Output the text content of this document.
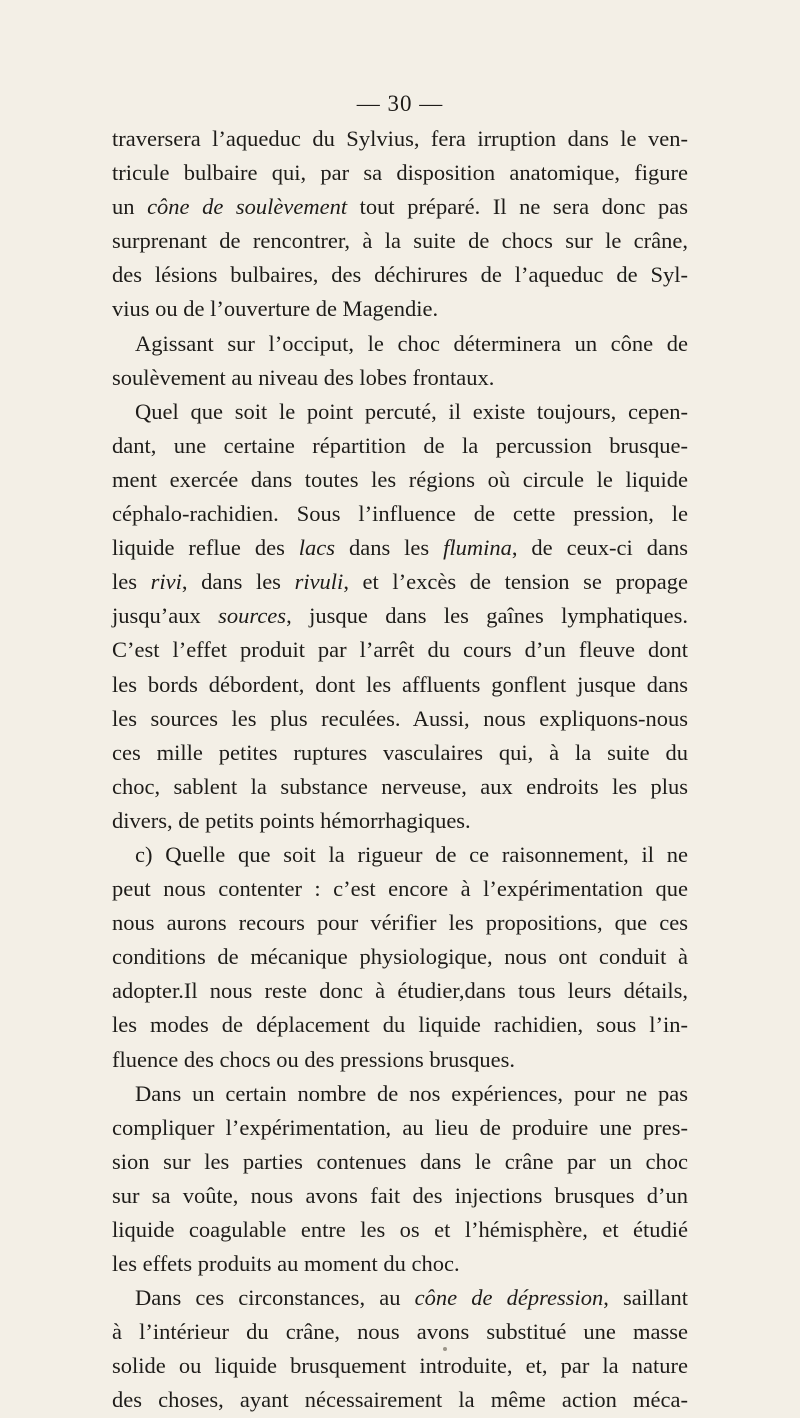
— 30 —
traversera l’aqueduc du Sylvius, fera irruption dans le ven-
tricule bulbaire qui, par sa disposition anatomique, figure
un cône de soulèvement tout préparé. Il ne sera donc pas
surprenant de rencontrer, à la suite de chocs sur le crâne,
des lésions bulbaires, des déchirures de l’aqueduc de Syl-
vius ou de l’ouverture de Magendie.
Agissant sur l’occiput, le choc déterminera un cône de
soulèvement au niveau des lobes frontaux.
Quel que soit le point percuté, il existe toujours, cepen-
dant, une certaine répartition de la percussion brusque-
ment exercée dans toutes les régions où circule le liquide
céphalo-rachidien. Sous l’influence de cette pression, le
liquide reflue des lacs dans les flumina, de ceux-ci dans
les rivi, dans les rivuli, et l’excès de tension se propage
jusqu’aux sources, jusque dans les gaînes lymphatiques.
C’est l’effet produit par l’arrêt du cours d’un fleuve dont
les bords débordent, dont les affluents gonflent jusque dans
les sources les plus reculées. Aussi, nous expliquons-nous
ces mille petites ruptures vasculaires qui, à la suite du
choc, sablent la substance nerveuse, aux endroits les plus
divers, de petits points hémorrhagiques.
c) Quelle que soit la rigueur de ce raisonnement, il ne
peut nous contenter : c’est encore à l’expérimentation que
nous aurons recours pour vérifier les propositions, que ces
conditions de mécanique physiologique, nous ont conduit à
adopter.Il nous reste donc à étudier,dans tous leurs détails,
les modes de déplacement du liquide rachidien, sous l’in-
fluence des chocs ou des pressions brusques.
Dans un certain nombre de nos expériences, pour ne pas
compliquer l’expérimentation, au lieu de produire une pres-
sion sur les parties contenues dans le crâne par un choc
sur sa voûte, nous avons fait des injections brusques d’un
liquide coagulable entre les os et l’hémisphère, et étudié
les effets produits au moment du choc.
Dans ces circonstances, au cône de dépression, saillant
à l’intérieur du crâne, nous avons substitué une masse
solide ou liquide brusquement introduite, et, par la nature
des choses, ayant nécessairement la même action méca-
